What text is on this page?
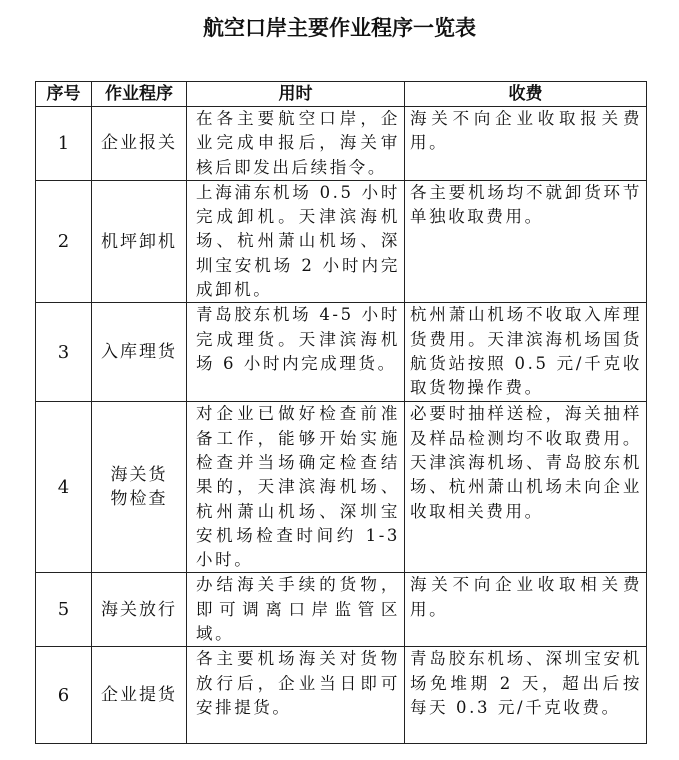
航空口岸主要作业程序一览表
序号	作业程序	用时	收费
1	企业报关	在各主要航空口岸，企业完成申报后，海关审核后即发出后续指令。	海关不向企业收取报关费用。
2	机坪卸机	上海浦东机场 0.5 小时完成卸机。天津滨海机场、杭州萧山机场、深圳宝安机场 2 小时内完成卸机。	各主要机场均不就卸货环节单独收取费用。
3	入库理货	青岛胶东机场 4-5 小时完成理货。天津滨海机场 6 小时内完成理货。	杭州萧山机场不收取入库理货费用。天津滨海机场国货航货站按照 0.5 元/千克收取货物操作费。
4	海关货物检查	对企业已做好检查前准备工作，能够开始实施检查并当场确定检查结果的，天津滨海机场、杭州萧山机场、深圳宝安机场检查时间约 1-3 小时。	必要时抽样送检，海关抽样及样品检测均不收取费用。天津滨海机场、青岛胶东机场、杭州萧山机场未向企业收取相关费用。
5	海关放行	办结海关手续的货物，即可调离口岸监管区域。	海关不向企业收取相关费用。
6	企业提货	各主要机场海关对货物放行后，企业当日即可安排提货。	青岛胶东机场、深圳宝安机场免堆期 2 天，超出后按每天 0.3 元/千克收费。
